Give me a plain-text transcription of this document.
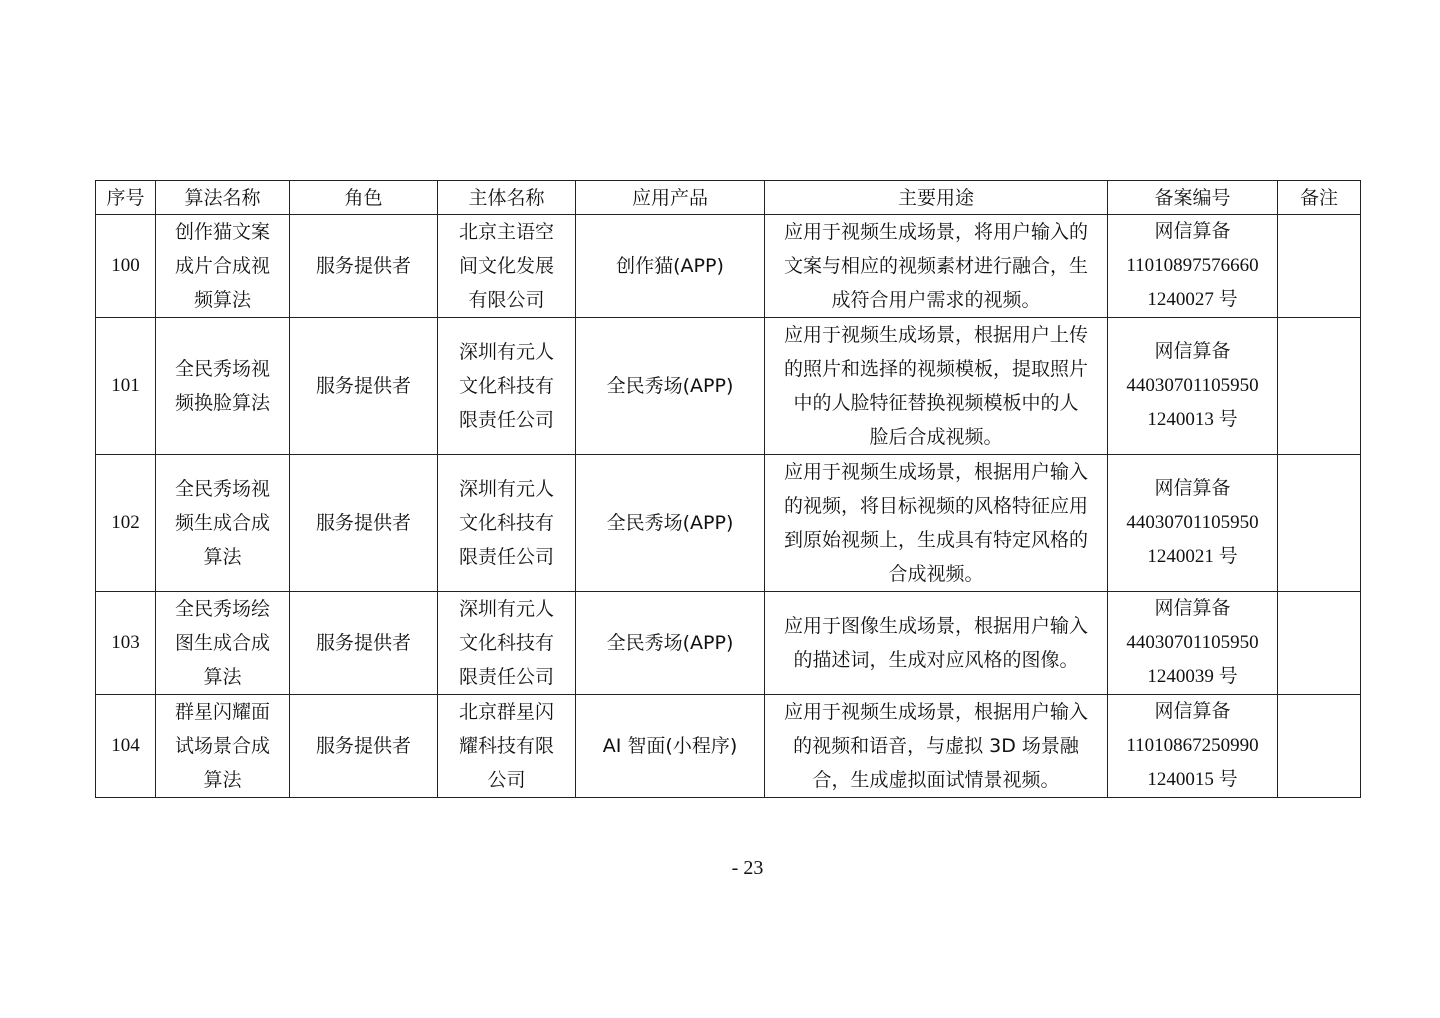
序号	算法名称	角色	主体名称	应用产品	主要用途	备案编号	备注
100	创作猫文案
成片合成视
频算法	服务提供者	北京主语空
间文化发展
有限公司	创作猫(APP)	应用于视频生成场景，将用户输入的
文案与相应的视频素材进行融合，生
成符合用户需求的视频。	网信算备
11010897576660
1240027 号	

101	全民秀场视
频换脸算法	服务提供者	深圳有元人
文化科技有
限责任公司	全民秀场(APP)	应用于视频生成场景，根据用户上传
的照片和选择的视频模板，提取照片
中的人脸特征替换视频模板中的人
脸后合成视频。	网信算备
44030701105950
1240013 号	

102	全民秀场视
频生成合成
算法	服务提供者	深圳有元人
文化科技有
限责任公司	全民秀场(APP)	应用于视频生成场景，根据用户输入
的视频，将目标视频的风格特征应用
到原始视频上，生成具有特定风格的
合成视频。	网信算备
44030701105950
1240021 号	

103	全民秀场绘
图生成合成
算法	服务提供者	深圳有元人
文化科技有
限责任公司	全民秀场(APP)	应用于图像生成场景，根据用户输入
的描述词，生成对应风格的图像。	网信算备
44030701105950
1240039 号	

104	群星闪耀面
试场景合成
算法	服务提供者	北京群星闪
耀科技有限
公司	AI 智面(小程序)	应用于视频生成场景，根据用户输入
的视频和语音，与虚拟 3D 场景融
合，生成虚拟面试情景视频。	网信算备
11010867250990
1240015 号	

- 23
